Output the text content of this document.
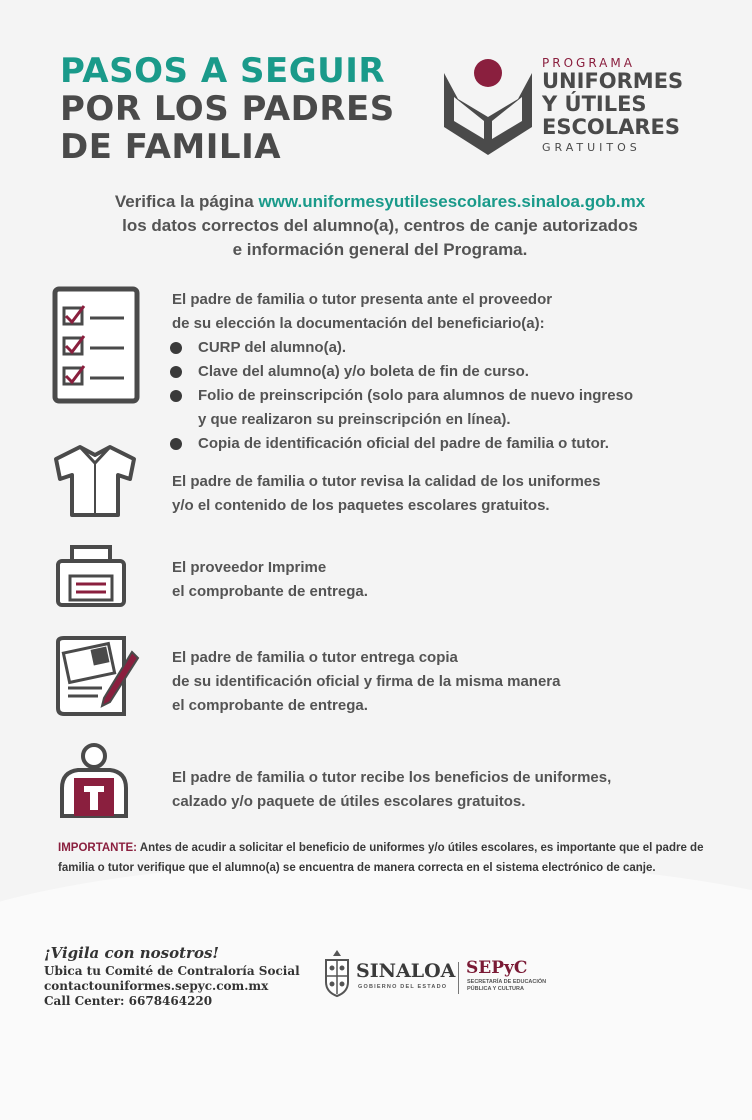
PASOS A SEGUIR
POR LOS PADRES
DE FAMILIA
PROGRAMA
UNIFORMES
Y ÚTILES
ESCOLARES
GRATUITOS
Verifica la página www.uniformesyutilesescolares.sinaloa.gob.mx
los datos correctos del alumno(a), centros de canje autorizados
e información general del Programa.
El padre de familia o tutor presenta ante el proveedor
de su elección la documentación del beneficiario(a):
CURP del alumno(a).
Clave del alumno(a) y/o boleta de fin de curso.
Folio de preinscripción (solo para alumnos de nuevo ingreso
y que realizaron su preinscripción en línea).
Copia de identificación oficial del padre de familia o tutor.
El padre de familia o tutor revisa la calidad de los uniformes
y/o el contenido de los paquetes escolares gratuitos.
El proveedor Imprime
el comprobante de entrega.
El padre de familia o tutor entrega copia
de su identificación oficial y firma de la misma manera
el comprobante de entrega.
El padre de familia o tutor recibe los beneficios de uniformes,
calzado y/o paquete de útiles escolares gratuitos.
IMPORTANTE: Antes de acudir a solicitar el beneficio de uniformes y/o útiles escolares, es importante que el padre de familia o tutor verifique que el alumno(a) se encuentra de manera correcta en el sistema electrónico de canje.
¡Vigila con nosotros!
Ubica tu Comité de Contraloría Social
contactouniformes.sepyc.com.mx
Call Center: 6678464220
SINALOA
GOBIERNO DEL ESTADO
SEPyC
SECRETARÍA DE EDUCACIÓN PÚBLICA Y CULTURA
